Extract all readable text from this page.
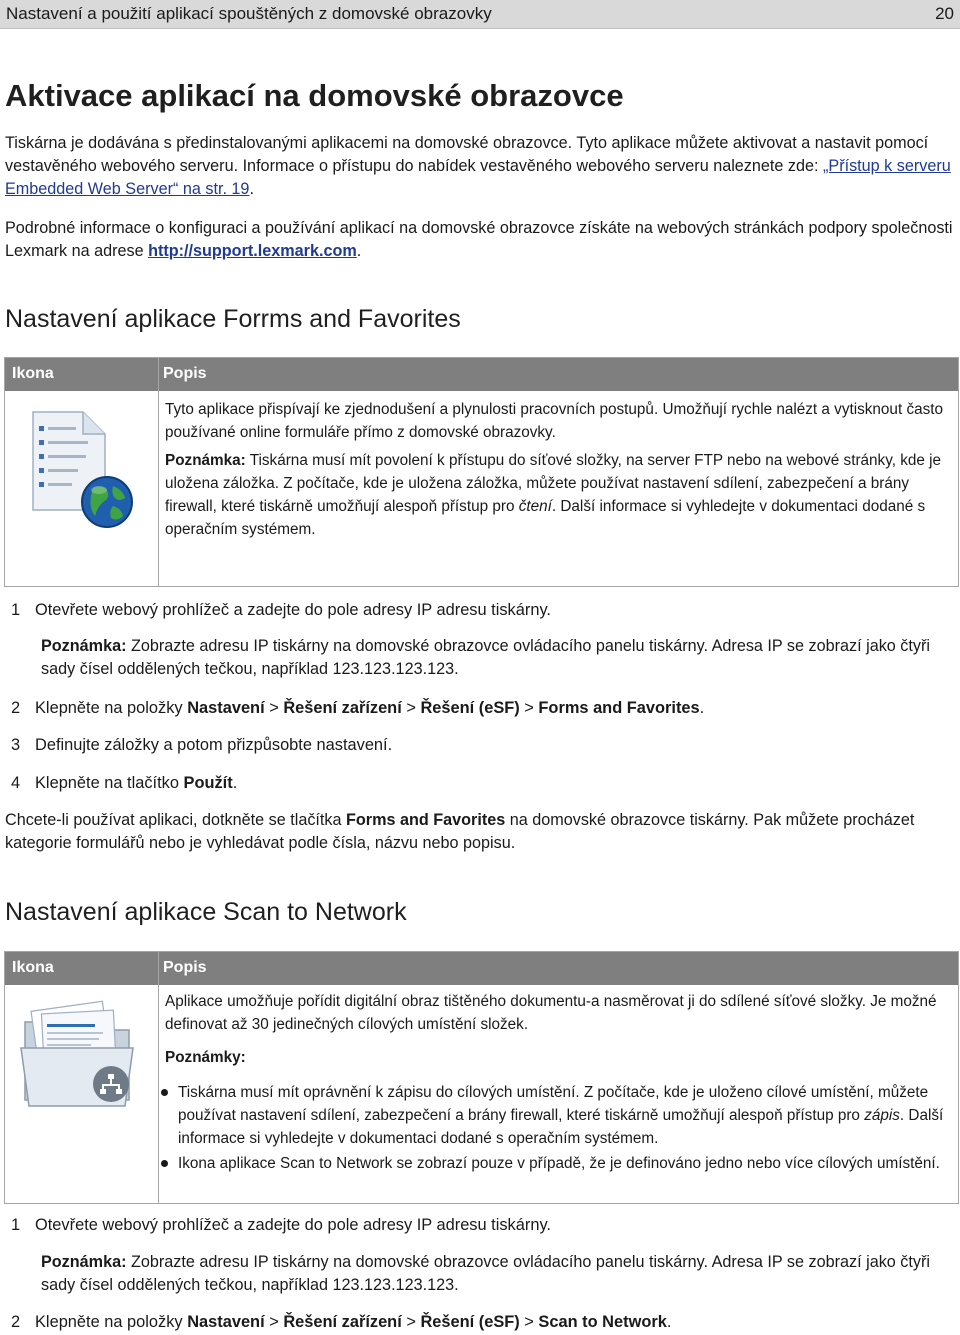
Nastavení a použití aplikací spouštěných z domovské obrazovky	20
Aktivace aplikací na domovské obrazovce
Tiskárna je dodávána s předinstalovanými aplikacemi na domovské obrazovce. Tyto aplikace můžete aktivovat a nastavit pomocí vestavěného webového serveru. Informace o přístupu do nabídek vestavěného webového serveru naleznete zde: „Přístup k serveru Embedded Web Server“ na str. 19.
Podrobné informace o konfiguraci a používání aplikací na domovské obrazovce získáte na webových stránkách podpory společnosti Lexmark na adrese http://support.lexmark.com.
Nastavení aplikace Forrms and Favorites
Ikona	Popis
Tyto aplikace přispívají ke zjednodušení a plynulosti pracovních postupů. Umožňují rychle nalézt a vytisknout často používané online formuláře přímo z domovské obrazovky.
Poznámka: Tiskárna musí mít povolení k přístupu do síťové složky, na server FTP nebo na webové stránky, kde je uložena záložka. Z počítače, kde je uložena záložka, můžete používat nastavení sdílení, zabezpečení a brány firewall, které tiskárně umožňují alespoň přístup pro čtení. Další informace si vyhledejte v dokumentaci dodané s operačním systémem.
1 Otevřete webový prohlížeč a zadejte do pole adresy IP adresu tiskárny.
Poznámka: Zobrazte adresu IP tiskárny na domovské obrazovce ovládacího panelu tiskárny. Adresa IP se zobrazí jako čtyři sady čísel oddělených tečkou, například 123.123.123.123.
2 Klepněte na položky Nastavení > Řešení zařízení > Řešení (eSF) > Forms and Favorites.
3 Definujte záložky a potom přizpůsobte nastavení.
4 Klepněte na tlačítko Použít.
Chcete-li používat aplikaci, dotkněte se tlačítka Forms and Favorites na domovské obrazovce tiskárny. Pak můžete procházet kategorie formulářů nebo je vyhledávat podle čísla, názvu nebo popisu.
Nastavení aplikace Scan to Network
Ikona	Popis
Aplikace umožňuje pořídit digitální obraz tištěného dokumentu-a nasměrovat ji do sdílené síťové složky. Je možné definovat až 30 jedinečných cílových umístění složek.
Poznámky:
Tiskárna musí mít oprávnění k zápisu do cílových umístění. Z počítače, kde je uloženo cílové umístění, můžete používat nastavení sdílení, zabezpečení a brány firewall, které tiskárně umožňují alespoň přístup pro zápis. Další informace si vyhledejte v dokumentaci dodané s operačním systémem.
Ikona aplikace Scan to Network se zobrazí pouze v případě, že je definováno jedno nebo více cílových umístění.
1 Otevřete webový prohlížeč a zadejte do pole adresy IP adresu tiskárny.
Poznámka: Zobrazte adresu IP tiskárny na domovské obrazovce ovládacího panelu tiskárny. Adresa IP se zobrazí jako čtyři sady čísel oddělených tečkou, například 123.123.123.123.
2 Klepněte na položky Nastavení > Řešení zařízení > Řešení (eSF) > Scan to Network.
